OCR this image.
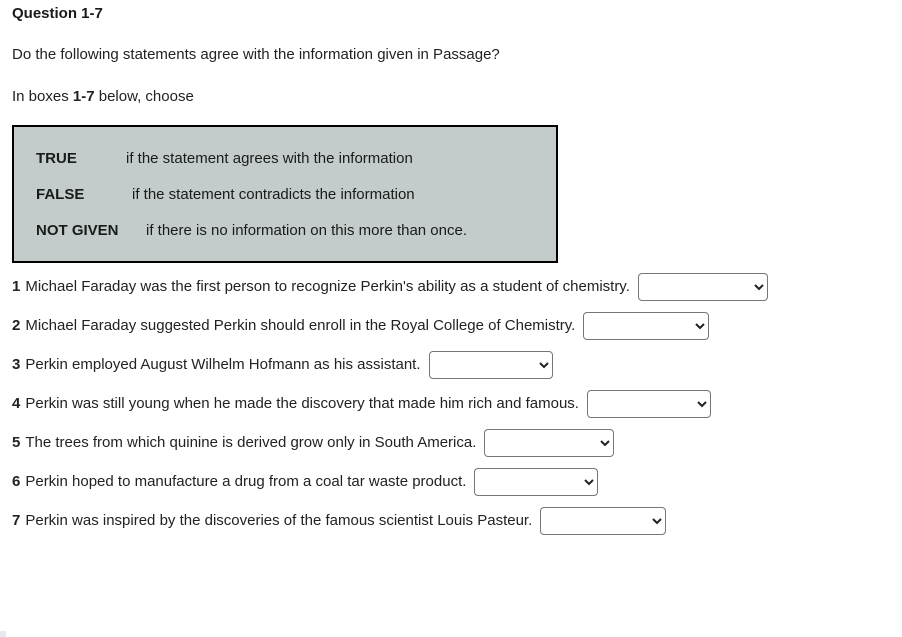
Question 1-7
Do the following statements agree with the information given in Passage?
In boxes 1-7 below, choose
TRUE	if the statement agrees with the information
FALSE	if the statement contradicts the information
NOT GIVEN	if there is no information on this more than once.
1 Michael Faraday was the first person to recognize Perkin's ability as a student of chemistry.
2 Michael Faraday suggested Perkin should enroll in the Royal College of Chemistry.
3 Perkin employed August Wilhelm Hofmann as his assistant.
4 Perkin was still young when he made the discovery that made him rich and famous.
5 The trees from which quinine is derived grow only in South America.
6 Perkin hoped to manufacture a drug from a coal tar waste product.
7 Perkin was inspired by the discoveries of the famous scientist Louis Pasteur.
